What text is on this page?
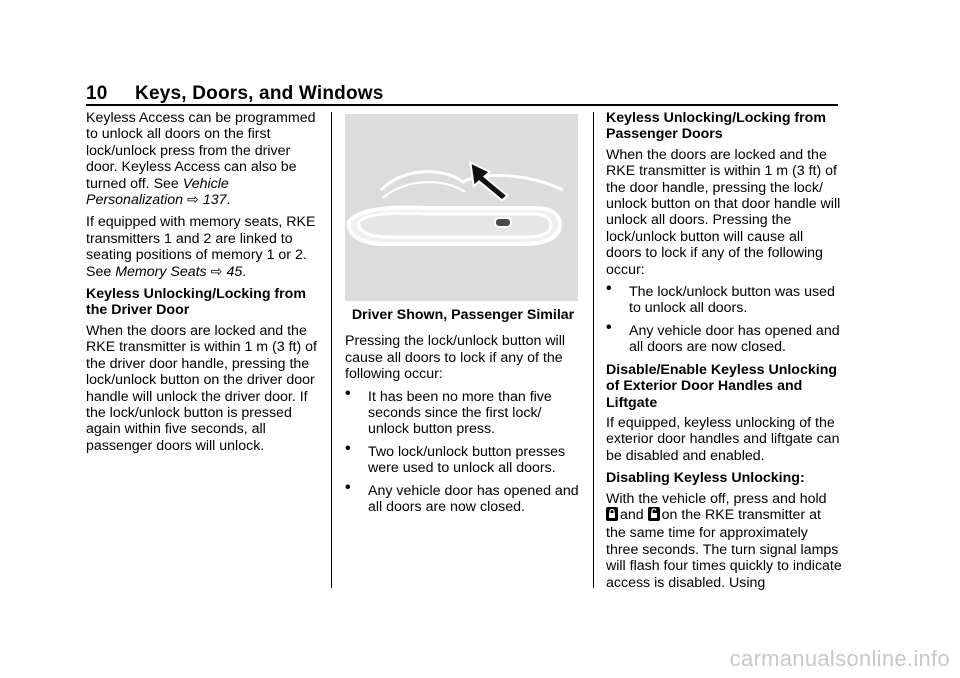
10 Keys, Doors, and Windows

Keyless Access can be programmed to unlock all doors on the first lock/unlock press from the driver door. Keyless Access can also be turned off. See Vehicle Personalization ⇨ 137.

If equipped with memory seats, RKE transmitters 1 and 2 are linked to seating positions of memory 1 or 2. See Memory Seats ⇨ 45.

Keyless Unlocking/Locking from the Driver Door

When the doors are locked and the RKE transmitter is within 1 m (3 ft) of the driver door handle, pressing the lock/unlock button on the driver door handle will unlock the driver door. If the lock/unlock button is pressed again within five seconds, all passenger doors will unlock.

Driver Shown, Passenger Similar

Pressing the lock/unlock button will cause all doors to lock if any of the following occur:

• It has been no more than five seconds since the first lock/ unlock button press.
• Two lock/unlock button presses were used to unlock all doors.
• Any vehicle door has opened and all doors are now closed.

Keyless Unlocking/Locking from Passenger Doors

When the doors are locked and the RKE transmitter is within 1 m (3 ft) of the door handle, pressing the lock/ unlock button on that door handle will unlock all doors. Pressing the lock/unlock button will cause all doors to lock if any of the following occur:

• The lock/unlock button was used to unlock all doors.
• Any vehicle door has opened and all doors are now closed.

Disable/Enable Keyless Unlocking of Exterior Door Handles and Liftgate

If equipped, keyless unlocking of the exterior door handles and liftgate can be disabled and enabled.

Disabling Keyless Unlocking:

With the vehicle off, press and hold
and on the RKE transmitter at the same time for approximately three seconds. The turn signal lamps will flash four times quickly to indicate access is disabled. Using

carmanualsonline.info
